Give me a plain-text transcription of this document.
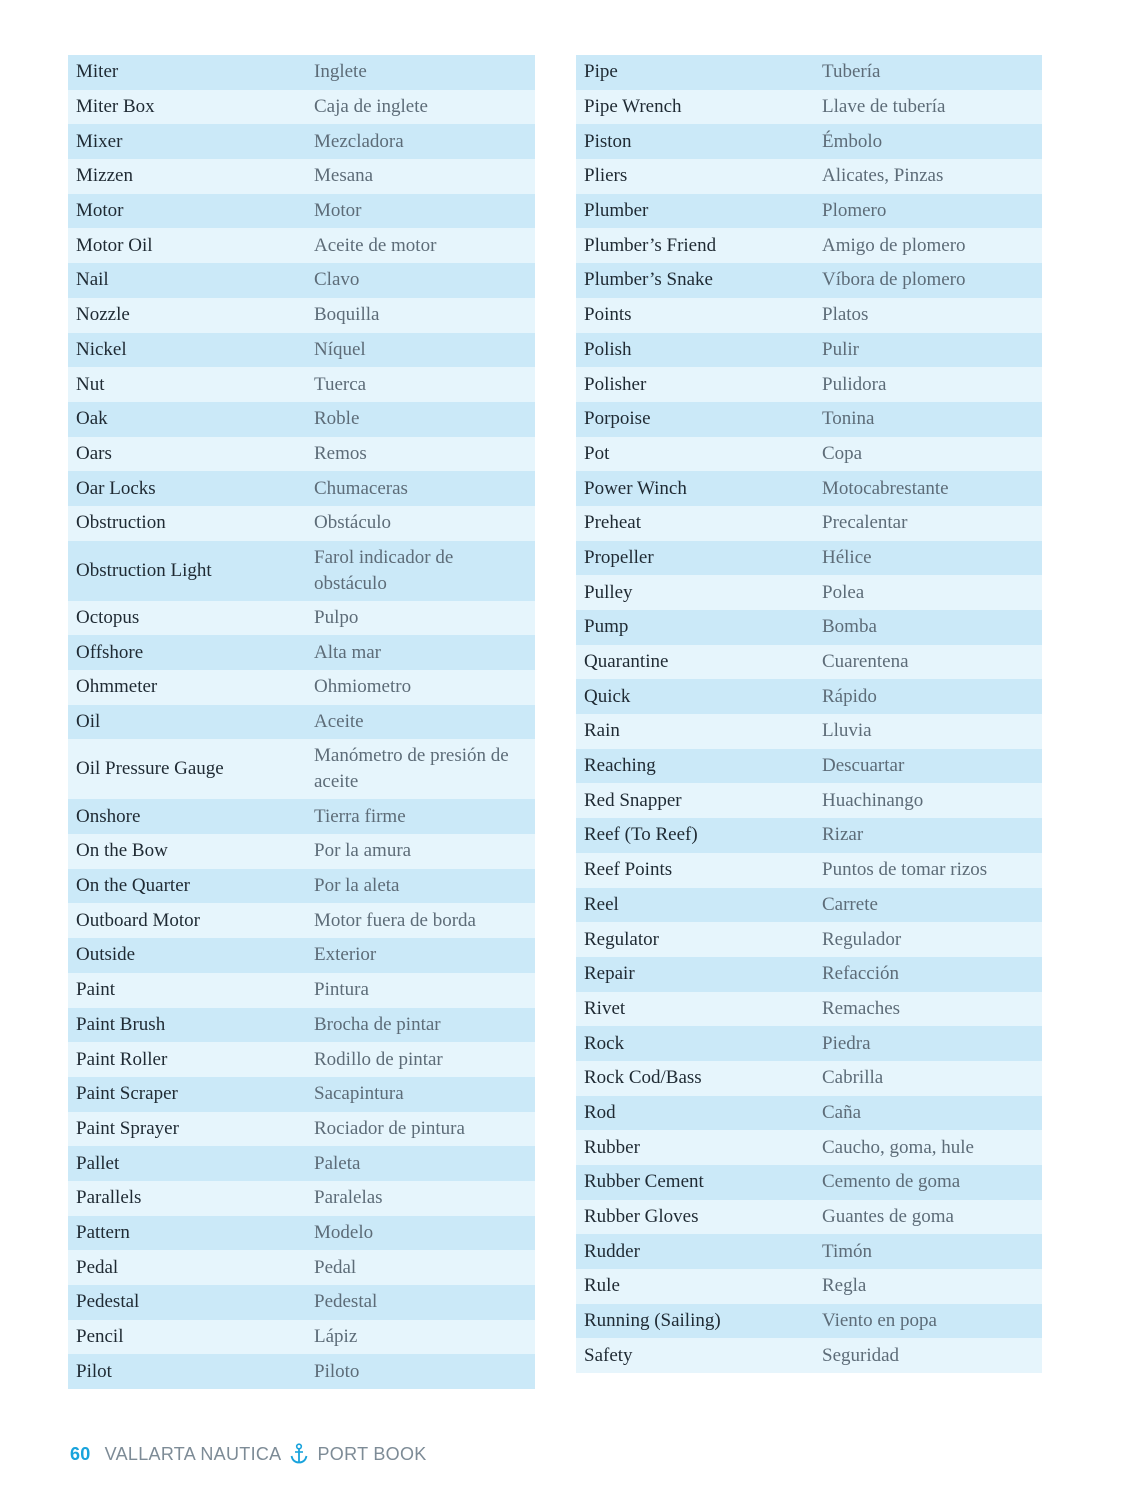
Miter	Inglete
Miter Box	Caja de inglete
Mixer	Mezcladora
Mizzen	Mesana
Motor	Motor
Motor Oil	Aceite de motor
Nail	Clavo
Nozzle	Boquilla
Nickel	Níquel
Nut	Tuerca
Oak	Roble
Oars	Remos
Oar Locks	Chumaceras
Obstruction	Obstáculo
Obstruction Light	Farol indicador de obstáculo
Octopus	Pulpo
Offshore	Alta mar
Ohmmeter	Ohmiometro
Oil	Aceite
Oil Pressure Gauge	Manómetro de presión de aceite
Onshore	Tierra firme
On the Bow	Por la amura
On the Quarter	Por la aleta
Outboard Motor	Motor fuera de borda
Outside	Exterior
Paint	Pintura
Paint Brush	Brocha de pintar
Paint Roller	Rodillo de pintar
Paint Scraper	Sacapintura
Paint Sprayer	Rociador de pintura
Pallet	Paleta
Parallels	Paralelas
Pattern	Modelo
Pedal	Pedal
Pedestal	Pedestal
Pencil	Lápiz
Pilot	Piloto
Pipe	Tubería
Pipe Wrench	Llave de tubería
Piston	Émbolo
Pliers	Alicates, Pinzas
Plumber	Plomero
Plumber’s Friend	Amigo de plomero
Plumber’s Snake	Víbora de plomero
Points	Platos
Polish	Pulir
Polisher	Pulidora
Porpoise	Tonina
Pot	Copa
Power Winch	Motocabrestante
Preheat	Precalentar
Propeller	Hélice
Pulley	Polea
Pump	Bomba
Quarantine	Cuarentena
Quick	Rápido
Rain	Lluvia
Reaching	Descuartar
Red Snapper	Huachinango
Reef (To Reef)	Rizar
Reef Points	Puntos de tomar rizos
Reel	Carrete
Regulator	Regulador
Repair	Refacción
Rivet	Remaches
Rock	Piedra
Rock Cod/Bass	Cabrilla
Rod	Caña
Rubber	Caucho, goma, hule
Rubber Cement	Cemento de goma
Rubber Gloves	Guantes de goma
Rudder	Timón
Rule	Regla
Running (Sailing)	Viento en popa
Safety	Seguridad
60 VALLARTA NAUTICA PORT BOOK
